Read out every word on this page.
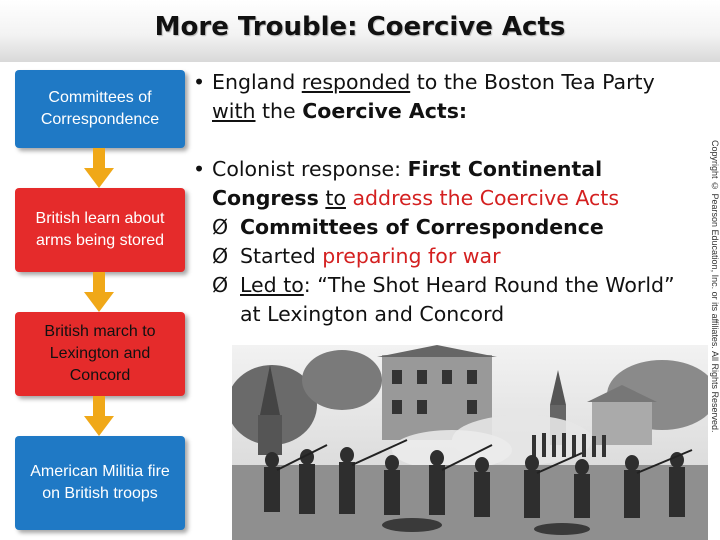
More Trouble: Coercive Acts
Committees of Correspondence
British learn about arms being stored
British march to Lexington and Concord
American Militia fire on British troops

• England responded to the Boston Tea Party with the Coercive Acts:

• Colonist response: First Continental Congress to address the Coercive Acts

Ø Committees of Correspondence
Ø Started preparing for war
Ø Led to: “The Shot Heard Round the World” at Lexington and Concord	Copyright © Pearson Education, Inc. or its affiliates. All Rights Reserved.
